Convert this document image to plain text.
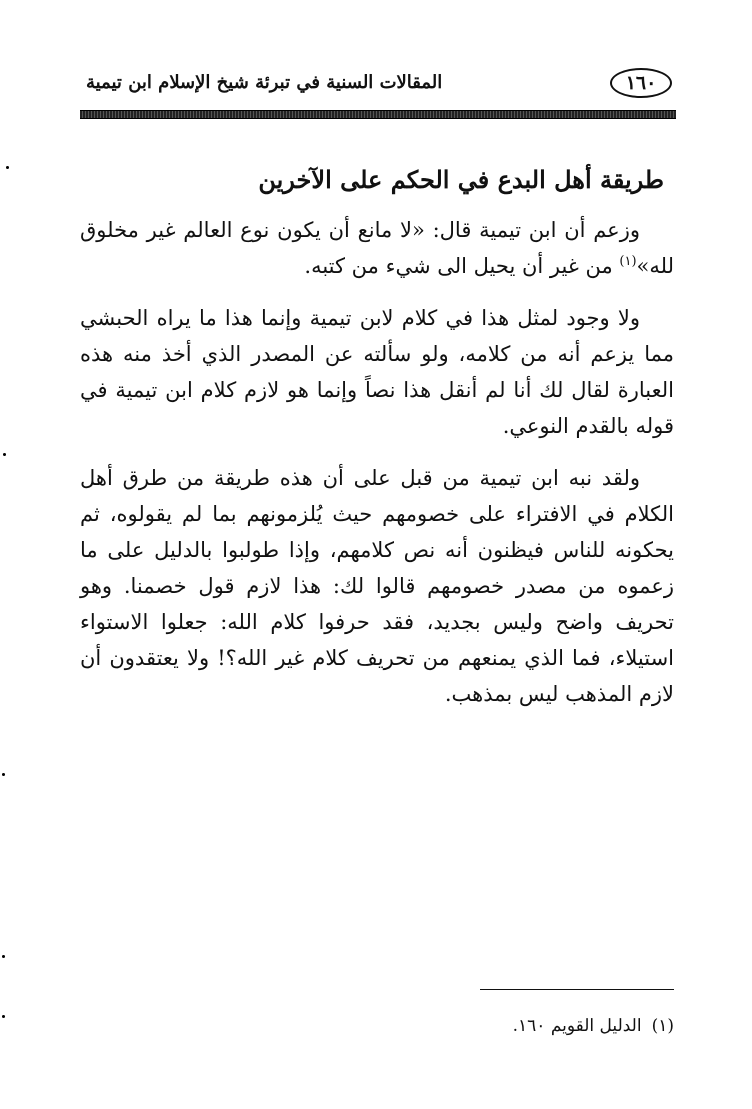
١٦٠
المقالات السنية في تبرئة شيخ الإسلام ابن تيمية
طريقة أهل البدع في الحكم على الآخرين

وزعم أن ابن تيمية قال: «لا مانع أن يكون نوع العالم غير مخلوق لله»$^{(١)}$ من غير أن يحيل الى شيء من كتبه.

ولا وجود لمثل هذا في كلام لابن تيمية وإنما هذا ما يراه الحبشي مما يزعم أنه من كلامه، ولو سألته عن المصدر الذي أخذ منه هذه العبارة لقال لك أنا لم أنقل هذا نصاً وإنما هو لازم كلام ابن تيمية في قوله بالقدم النوعي.

ولقد نبه ابن تيمية من قبل على أن هذه طريقة من طرق أهل الكلام في الافتراء على خصومهم حيث يُلزمونهم بما لم يقولوه، ثم يحكونه للناس فيظنون أنه نص كلامهم، وإذا طولبوا بالدليل على ما زعموه من مصدر خصومهم قالوا لك: هذا لازم قول خصمنا. وهو تحريف واضح وليس بجديد، فقد حرفوا كلام الله: جعلوا الاستواء استيلاء، فما الذي يمنعهم من تحريف كلام غير الله؟! ولا يعتقدون أن لازم المذهب ليس بمذهب.

(١)الدليل القويم ١٦٠.
